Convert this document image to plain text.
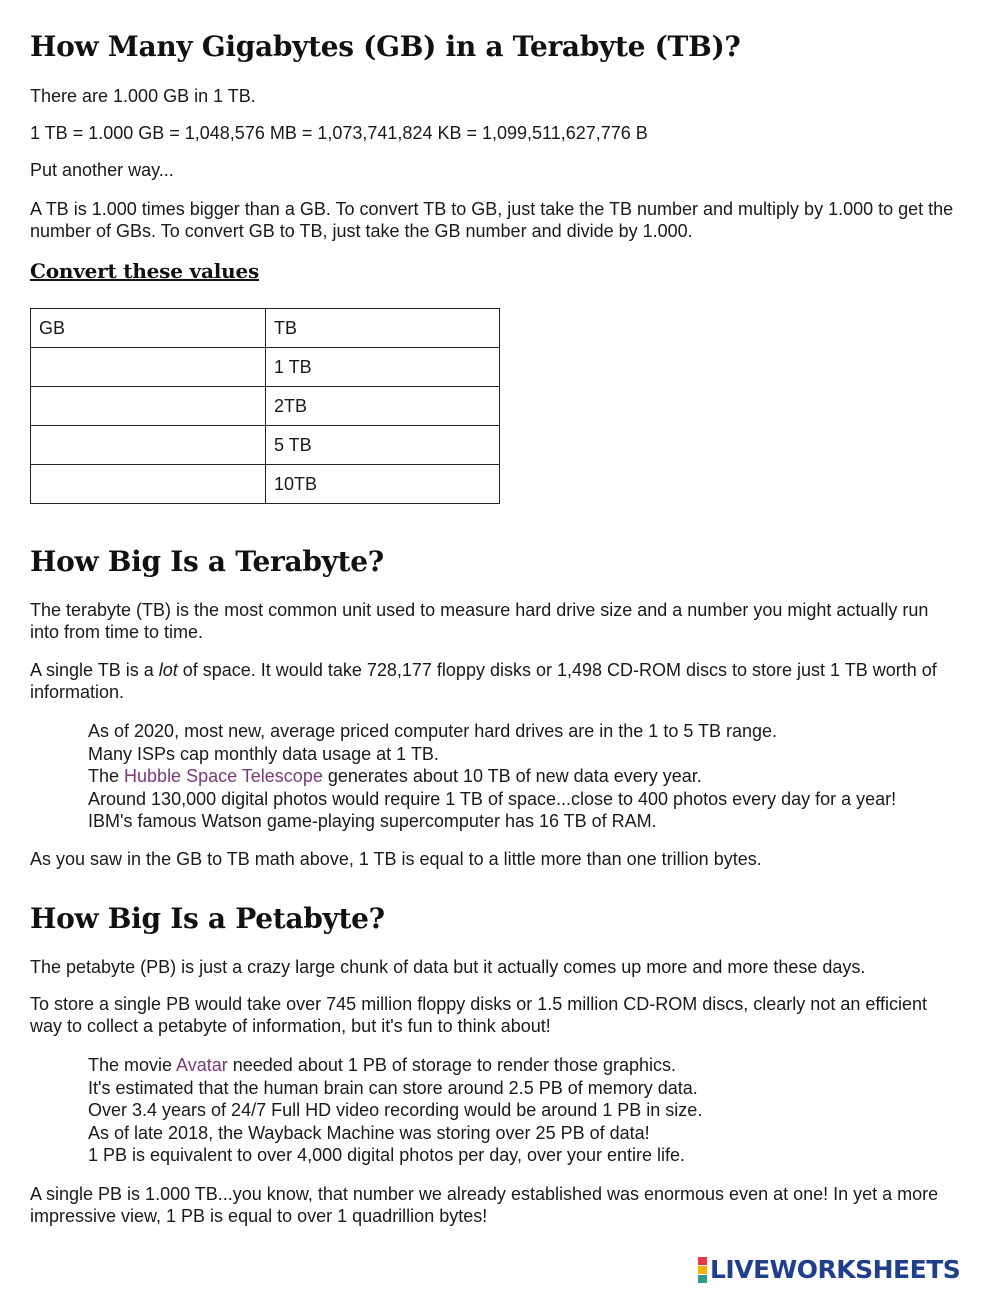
How Many Gigabytes (GB) in a Terabyte (TB)?

There are 1.000 GB in 1 TB.

1 TB = 1.000 GB = 1,048,576 MB = 1,073,741,824 KB = 1,099,511,627,776 B

Put another way...

A TB is 1.000 times bigger than a GB. To convert TB to GB, just take the TB number and multiply by 1.000 to get the number of GBs. To convert GB to TB, just take the GB number and divide by 1.000.

Convert these values
GB	TB
	1 TB
	2TB
	5 TB
	10TB
How Big Is a Terabyte?

The terabyte (TB) is the most common unit used to measure hard drive size and a number you might actually run into from time to time.

A single TB is a lot of space. It would take 728,177 floppy disks or 1,498 CD-ROM discs to store just 1 TB worth of information.

As of 2020, most new, average priced computer hard drives are in the 1 to 5 TB range.
Many ISPs cap monthly data usage at 1 TB.
The Hubble Space Telescope generates about 10 TB of new data every year.
Around 130,000 digital photos would require 1 TB of space...close to 400 photos every day for a year!
IBM's famous Watson game-playing supercomputer has 16 TB of RAM.

As you saw in the GB to TB math above, 1 TB is equal to a little more than one trillion bytes.

How Big Is a Petabyte?

The petabyte (PB) is just a crazy large chunk of data but it actually comes up more and more these days.

To store a single PB would take over 745 million floppy disks or 1.5 million CD-ROM discs, clearly not an efficient way to collect a petabyte of information, but it's fun to think about!

The movie Avatar needed about 1 PB of storage to render those graphics.
It's estimated that the human brain can store around 2.5 PB of memory data.
Over 3.4 years of 24/7 Full HD video recording would be around 1 PB in size.
As of late 2018, the Wayback Machine was storing over 25 PB of data!
1 PB is equivalent to over 4,000 digital photos per day, over your entire life.

A single PB is 1.000 TB...you know, that number we already established was enormous even at one! In yet a more impressive view, 1 PB is equal to over 1 quadrillion bytes!

LIVEWORKSHEETS
